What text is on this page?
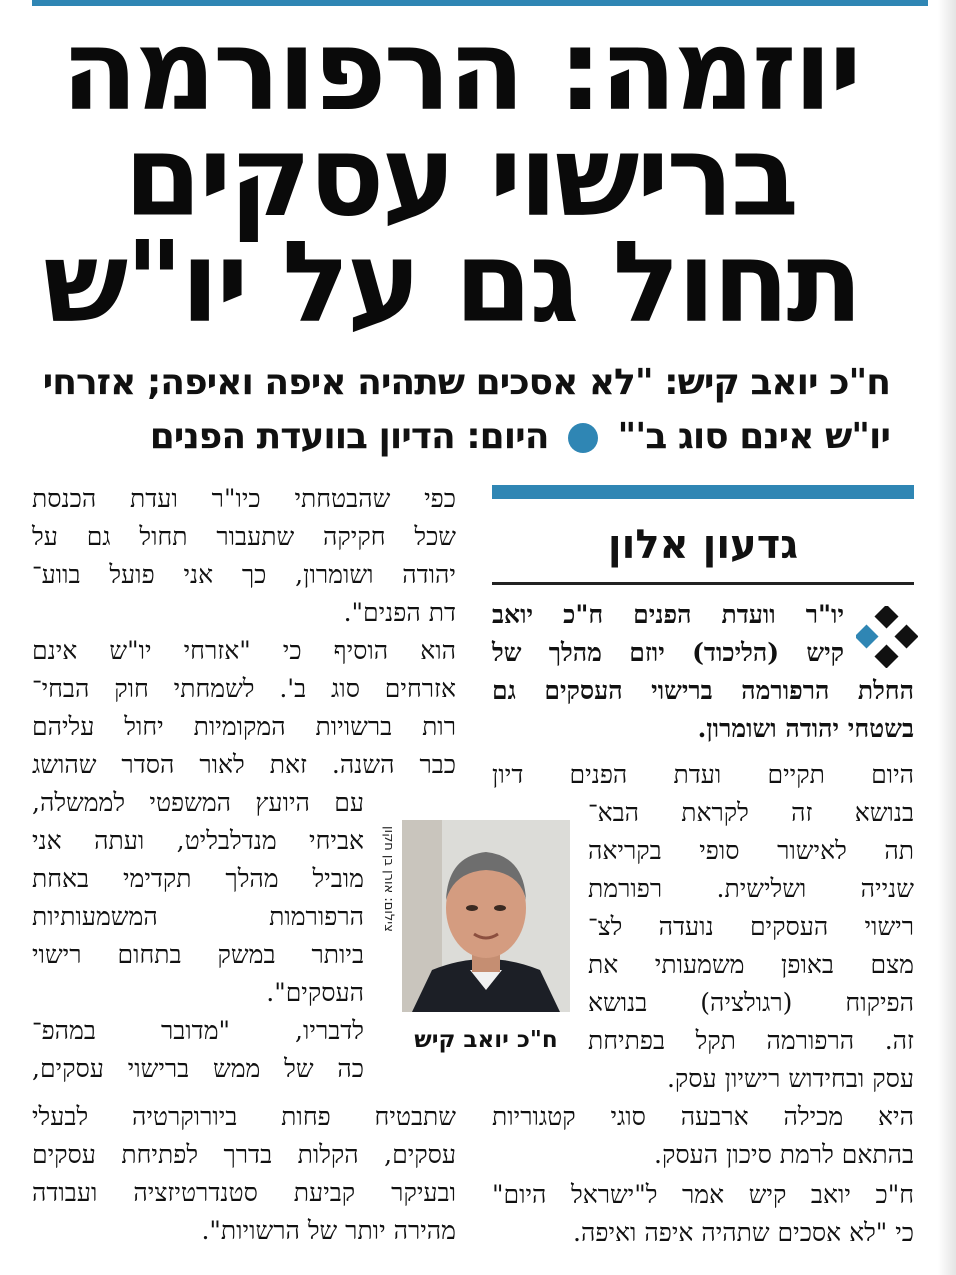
יוזמה: הרפורמה
ברישוי עסקים
תחול גם על יו"ש
ח"כ יואב קיש: "לא אסכים שתהיה איפה ואיפה; אזרחי
יו"ש אינם סוג ב'"  היום: הדיון בוועדת הפנים
גדעון אלון
יו"ר וועדת הפנים ח"כ יואב
קיש (הליכוד) יוזם מהלך של
החלת הרפורמה ברישוי העסקים גם
בשטחי יהודה ושומרון.
היום תקיים ועדת הפנים דיון
בנושא זה לקראת הבא־
תה לאישור סופי בקריאה
שנייה ושלישית. רפורמת
רישוי העסקים נועדה לצ־
מצם באופן משמעותי את
הפיקוח (רגולציה) בנושא
זה. הרפורמה תקל בפתיחת
עסק ובחידוש רישיון עסק.
היא מכילה ארבעה סוגי קטגוריות
בהתאם לרמת סיכון העסק.
ח"כ יואב קיש אמר ל"ישראל היום"
כי "לא אסכים שתהיה איפה ואיפה.
כפי שהבטחתי כיו"ר ועדת הכנסת
שכל חקיקה שתעבור תחול גם על
יהודה ושומרון, כך אני פועל בווע־
דת הפנים".
הוא הוסיף כי "אזרחי יו"ש אינם
אזרחים סוג ב'. לשמחתי חוק הבחי־
רות ברשויות המקומיות יחול עליהם
כבר השנה. זאת לאור הסדר שהושג
עם היועץ המשפטי לממשלה,
אביחי מנדלבליט, ועתה אני
מוביל מהלך תקדימי באחת
הרפורמות המשמעותיות
ביותר במשק בתחום רישוי
העסקים".
לדבריו, "מדובר במהפ־
כה של ממש ברישוי עסקים,
שתבטיח פחות ביורוקרטיה לבעלי
עסקים, הקלות בדרך לפתיחת עסקים
ובעיקר קביעת סטנדרטיזציה ועבודה
מהירה יותר של הרשויות".
צילום: אורן בן חקון
ח"כ יואב קיש
